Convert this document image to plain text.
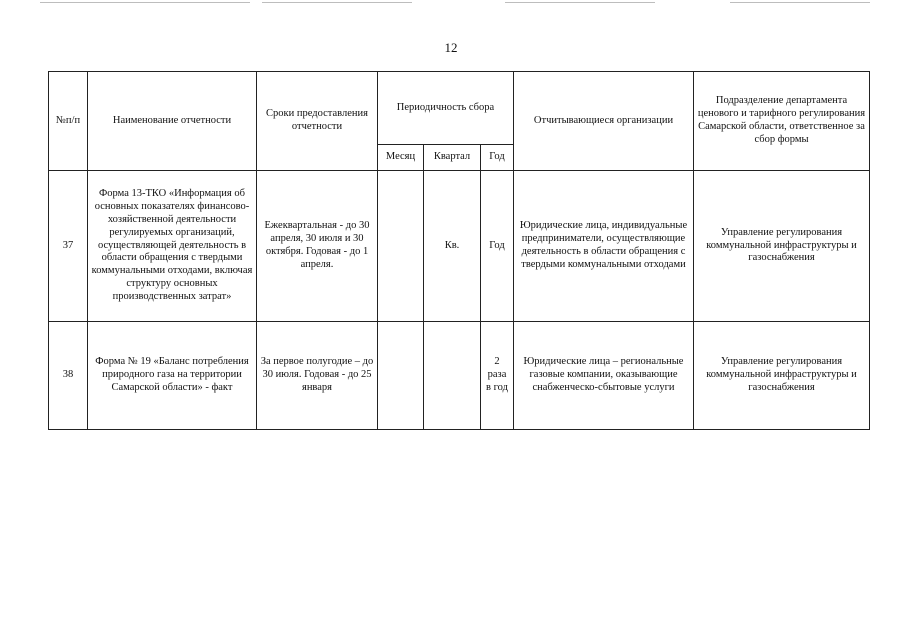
12
№п/п	Наименование отчетности	Сроки предоставления отчетности	Периодичность сбора			Отчитывающиеся организации	Подразделение департамента ценового и тарифного регулирования Самарской области, ответственное за сбор формы
			Месяц	Квартал	Год		
37	Форма 13-ТКО «Информация об основных показателях финансово-хозяйственной деятельности регулируемых организаций, осуществляющей деятельность в области обращения с твердыми коммунальными отходами, включая структуру основных производственных затрат»	Ежеквартальная - до 30 апреля, 30 июля и 30 октября. Годовая - до 1 апреля.		Кв.	Год	Юридические лица, индивидуальные предприниматели, осуществляющие деятельность в области обращения с твердыми коммунальными отходами	Управление регулирования коммунальной инфраструктуры и газоснабжения
38	Форма № 19 «Баланс потребления природного газа на территории Самарской области» - факт	За первое полугодие – до 30 июля. Годовая - до 25 января			2 раза в год	Юридические лица – региональные газовые компании, оказывающие снабженческо-сбытовые услуги	Управление регулирования коммунальной инфраструктуры и газоснабжения
